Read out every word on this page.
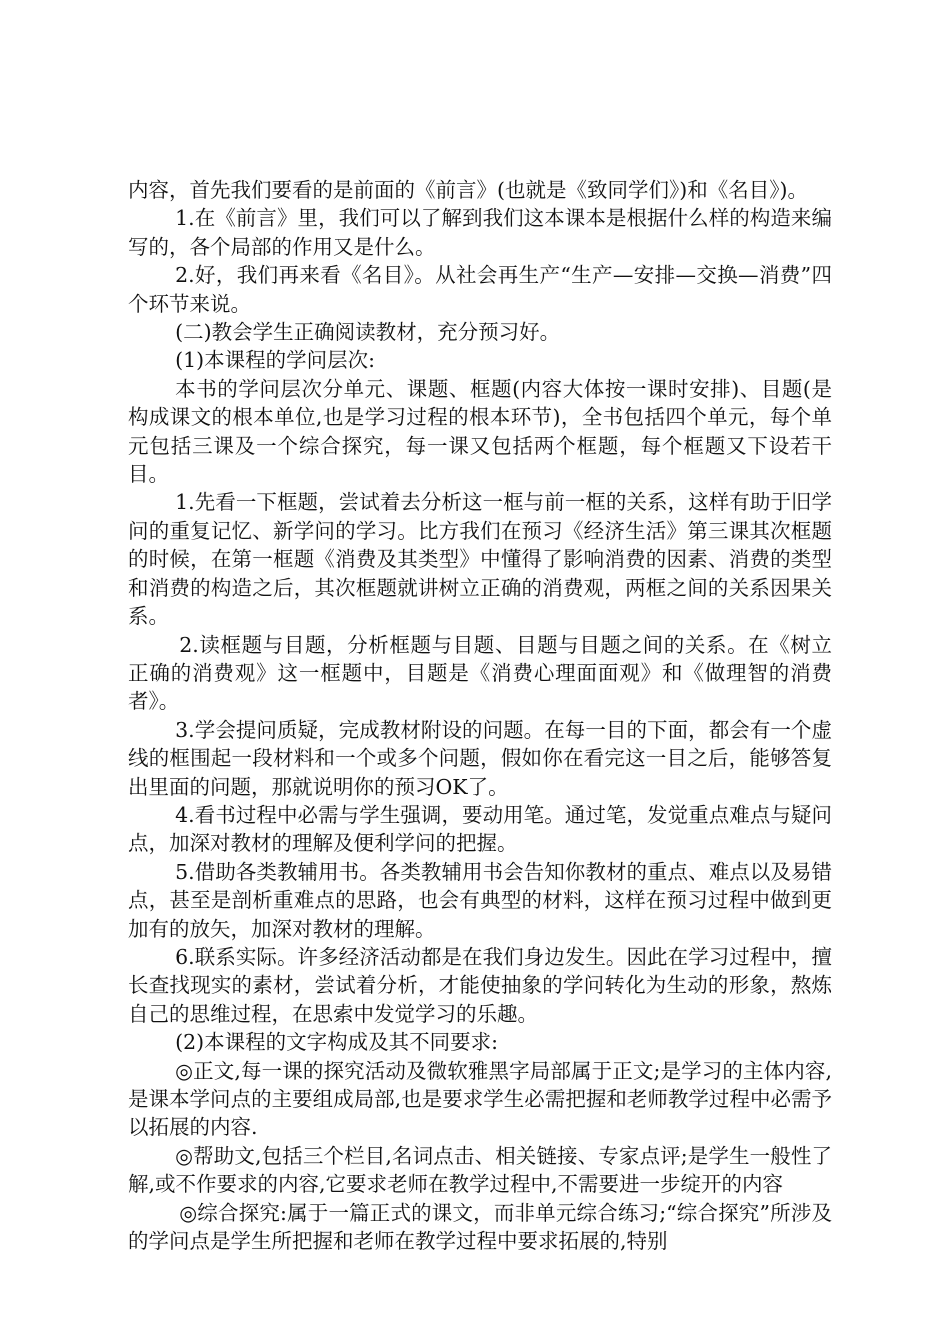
内容，首先我们要看的是前面的《前言》(也就是《致同学们》)和《名目》)。

1.在《前言》里，我们可以了解到我们这本课本是根据什么样的构造来编写的，各个局部的作用又是什么。

2.好，我们再来看《名目》。从社会再生产“生产—安排—交换—消费”四个环节来说。

(二)教会学生正确阅读教材，充分预习好。

(1)本课程的学问层次:

本书的学问层次分单元、课题、框题(内容大体按一课时安排)、目题(是构成课文的根本单位,也是学习过程的根本环节)，全书包括四个单元，每个单元包括三课及一个综合探究，每一课又包括两个框题，每个框题又下设若干目。

1.先看一下框题，尝试着去分析这一框与前一框的关系，这样有助于旧学问的重复记忆、新学问的学习。比方我们在预习《经济生活》第三课其次框题的时候，在第一框题《消费及其类型》中懂得了影响消费的因素、消费的类型和消费的构造之后，其次框题就讲树立正确的消费观，两框之间的关系因果关系。

2.读框题与目题，分析框题与目题、目题与目题之间的关系。在《树立正确的消费观》这一框题中，目题是《消费心理面面观》和《做理智的消费者》。

3.学会提问质疑，完成教材附设的问题。在每一目的下面，都会有一个虚线的框围起一段材料和一个或多个问题，假如你在看完这一目之后，能够答复出里面的问题，那就说明你的预习OK了。

4.看书过程中必需与学生强调，要动用笔。通过笔，发觉重点难点与疑问点，加深对教材的理解及便利学问的把握。

5.借助各类教辅用书。各类教辅用书会告知你教材的重点、难点以及易错点，甚至是剖析重难点的思路，也会有典型的材料，这样在预习过程中做到更加有的放矢，加深对教材的理解。

6.联系实际。许多经济活动都是在我们身边发生。因此在学习过程中，擅长查找现实的素材，尝试着分析，才能使抽象的学问转化为生动的形象，熬炼自己的思维过程，在思索中发觉学习的乐趣。

(2)本课程的文字构成及其不同要求:

◎正文,每一课的探究活动及微软雅黑字局部属于正文;是学习的主体内容,是课本学问点的主要组成局部,也是要求学生必需把握和老师教学过程中必需予以拓展的内容.

◎帮助文,包括三个栏目,名词点击、相关链接、专家点评;是学生一般性了解,或不作要求的内容,它要求老师在教学过程中,不需要进一步绽开的内容

◎综合探究:属于一篇正式的课文，而非单元综合练习;“综合探究”所涉及的学问点是学生所把握和老师在教学过程中要求拓展的,特别
